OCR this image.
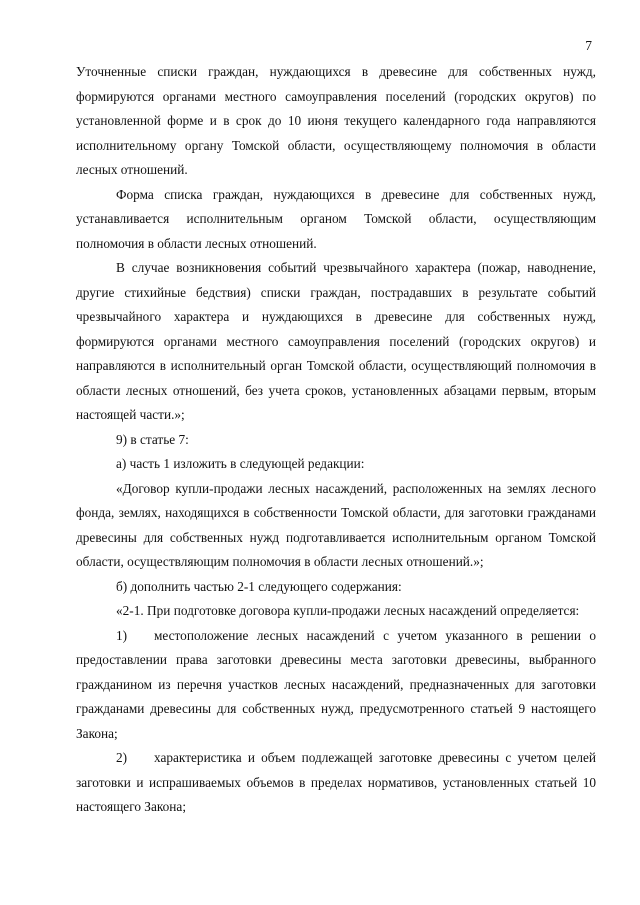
7

Уточненные списки граждан, нуждающихся в древесине для собственных нужд, формируются органами местного самоуправления поселений (городских округов) по установленной форме и в срок до 10 июня текущего календарного года направляются исполнительному органу Томской области, осуществляющему полномочия в области лесных отношений.

Форма списка граждан, нуждающихся в древесине для собственных нужд, устанавливается исполнительным органом Томской области, осуществляющим полномочия в области лесных отношений.

В случае возникновения событий чрезвычайного характера (пожар, наводнение, другие стихийные бедствия) списки граждан, пострадавших в результате событий чрезвычайного характера и нуждающихся в древесине для собственных нужд, формируются органами местного самоуправления поселений (городских округов) и направляются в исполнительный орган Томской области, осуществляющий полномочия в области лесных отношений, без учета сроков, установленных абзацами первым, вторым настоящей части.»;

9) в статье 7:

а) часть 1 изложить в следующей редакции:

«Договор купли-продажи лесных насаждений, расположенных на землях лесного фонда, землях, находящихся в собственности Томской области, для заготовки гражданами древесины для собственных нужд подготавливается исполнительным органом Томской области, осуществляющим полномочия в области лесных отношений.»;

б) дополнить частью 2-1 следующего содержания:

«2-1. При подготовке договора купли-продажи лесных насаждений определяется:

1) местоположение лесных насаждений с учетом указанного в решении о предоставлении права заготовки древесины места заготовки древесины, выбранного гражданином из перечня участков лесных насаждений, предназначенных для заготовки гражданами древесины для собственных нужд, предусмотренного статьей 9 настоящего Закона;

2) характеристика и объем подлежащей заготовке древесины с учетом целей заготовки и испрашиваемых объемов в пределах нормативов, установленных статьей 10 настоящего Закона;
